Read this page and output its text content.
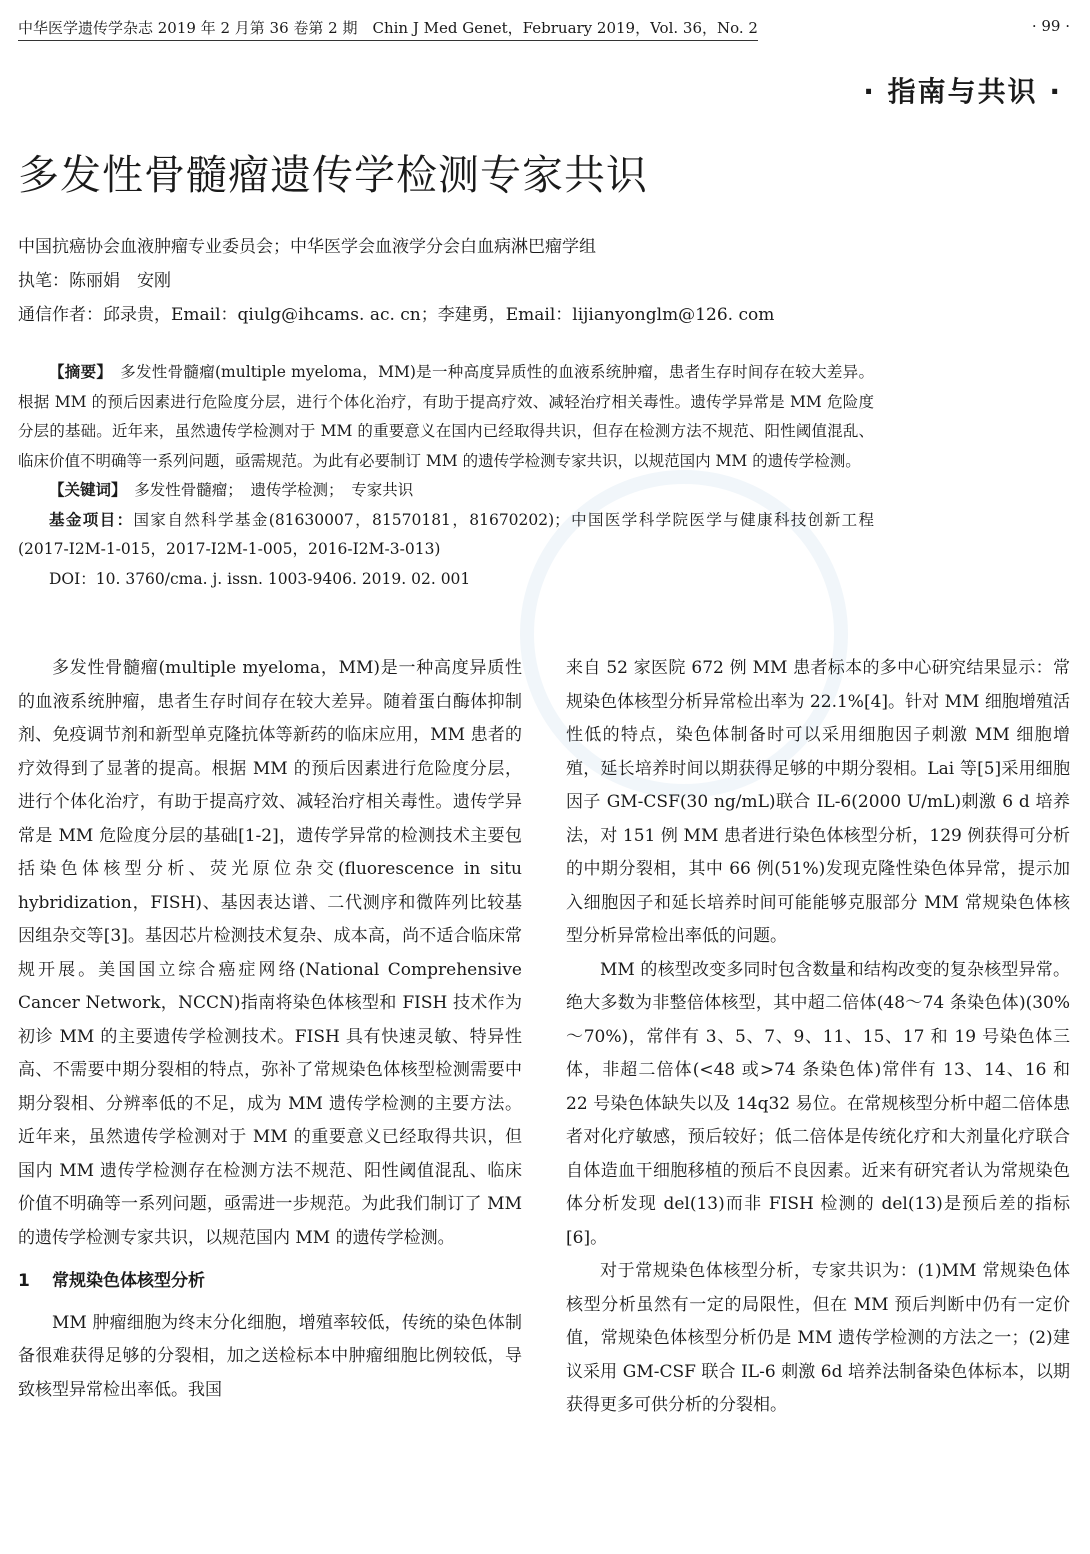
中华医学遗传学杂志 2019 年 2 月第 36 卷第 2 期　Chin J Med Genet，February 2019，Vol. 36，No. 2	· 99 ·
· 指南与共识 ·
多发性骨髓瘤遗传学检测专家共识
中国抗癌协会血液肿瘤专业委员会；中华医学会血液学分会白血病淋巴瘤学组
执笔：陈丽娟　安刚
通信作者：邱录贵，Email：qiulg@ihcams. ac. cn；李建勇，Email：lijianyonglm@126. com

【摘要】　 多发性骨髓瘤(multiple myeloma，MM)是一种高度异质性的血液系统肿瘤，患者生存时间存在较大差异。根据 MM 的预后因素进行危险度分层，进行个体化治疗，有助于提高疗效、减轻治疗相关毒性。遗传学异常是 MM 危险度分层的基础。近年来，虽然遗传学检测对于 MM 的重要意义在国内已经取得共识，但存在检测方法不规范、阳性阈值混乱、临床价值不明确等一系列问题，亟需规范。为此有必要制订 MM 的遗传学检测专家共识，以规范国内 MM 的遗传学检测。

【关键词】　 多发性骨髓瘤；　遗传学检测；　专家共识

基金项目：国家自然科学基金(81630007，81570181，81670202)；中国医学科学院医学与健康科技创新工程(2017-I2M-1-015，2017-I2M-1-005，2016-I2M-3-013)

DOI：10. 3760/cma. j. issn. 1003-9406. 2019. 02. 001

多发性骨髓瘤(multiple myeloma，MM)是一种高度异质性的血液系统肿瘤，患者生存时间存在较大差异。随着蛋白酶体抑制剂、免疫调节剂和新型单克隆抗体等新药的临床应用，MM 患者的疗效得到了显著的提高。根据 MM 的预后因素进行危险度分层，进行个体化治疗，有助于提高疗效、减轻治疗相关毒性。遗传学异常是 MM 危险度分层的基础[1-2]，遗传学异常的检测技术主要包括染色体核型分析、荧光原位杂交(fluorescence in situ hybridization，FISH)、基因表达谱、二代测序和微阵列比较基因组杂交等[3]。基因芯片检测技术复杂、成本高，尚不适合临床常规开展。美国国立综合癌症网络(National Comprehensive Cancer Network，NCCN)指南将染色体核型和 FISH 技术作为初诊 MM 的主要遗传学检测技术。FISH 具有快速灵敏、特异性高、不需要中期分裂相的特点，弥补了常规染色体核型检测需要中期分裂相、分辨率低的不足，成为 MM 遗传学检测的主要方法。近年来，虽然遗传学检测对于 MM 的重要意义已经取得共识，但国内 MM 遗传学检测存在检测方法不规范、阳性阈值混乱、临床价值不明确等一系列问题，亟需进一步规范。为此我们制订了 MM 的遗传学检测专家共识，以规范国内 MM 的遗传学检测。

1 常规染色体核型分析

MM 肿瘤细胞为终末分化细胞，增殖率较低，传统的染色体制备很难获得足够的分裂相，加之送检标本中肿瘤细胞比例较低，导致核型异常检出率低。我国

来自 52 家医院 672 例 MM 患者标本的多中心研究结果显示：常规染色体核型分析异常检出率为 22.1%[4]。针对 MM 细胞增殖活性低的特点，染色体制备时可以采用细胞因子刺激 MM 细胞增殖，延长培养时间以期获得足够的中期分裂相。Lai 等[5]采用细胞因子 GM-CSF(30 ng/mL)联合 IL-6(2000 U/mL)刺激 6 d 培养法，对 151 例 MM 患者进行染色体核型分析，129 例获得可分析的中期分裂相，其中 66 例(51%)发现克隆性染色体异常，提示加入细胞因子和延长培养时间可能能够克服部分 MM 常规染色体核型分析异常检出率低的问题。

MM 的核型改变多同时包含数量和结构改变的复杂核型异常。绝大多数为非整倍体核型，其中超二倍体(48～74 条染色体)(30%～70%)，常伴有 3、5、7、9、11、15、17 和 19 号染色体三体，非超二倍体(<48 或>74 条染色体)常伴有 13、14、16 和 22 号染色体缺失以及 14q32 易位。在常规核型分析中超二倍体患者对化疗敏感，预后较好；低二倍体是传统化疗和大剂量化疗联合自体造血干细胞移植的预后不良因素。近来有研究者认为常规染色体分析发现 del(13)而非 FISH 检测的 del(13)是预后差的指标[6]。

对于常规染色体核型分析，专家共识为：(1)MM 常规染色体核型分析虽然有一定的局限性，但在 MM 预后判断中仍有一定价值，常规染色体核型分析仍是 MM 遗传学检测的方法之一；(2)建议采用 GM-CSF 联合 IL-6 刺激 6d 培养法制备染色体标本，以期获得更多可供分析的分裂相。
